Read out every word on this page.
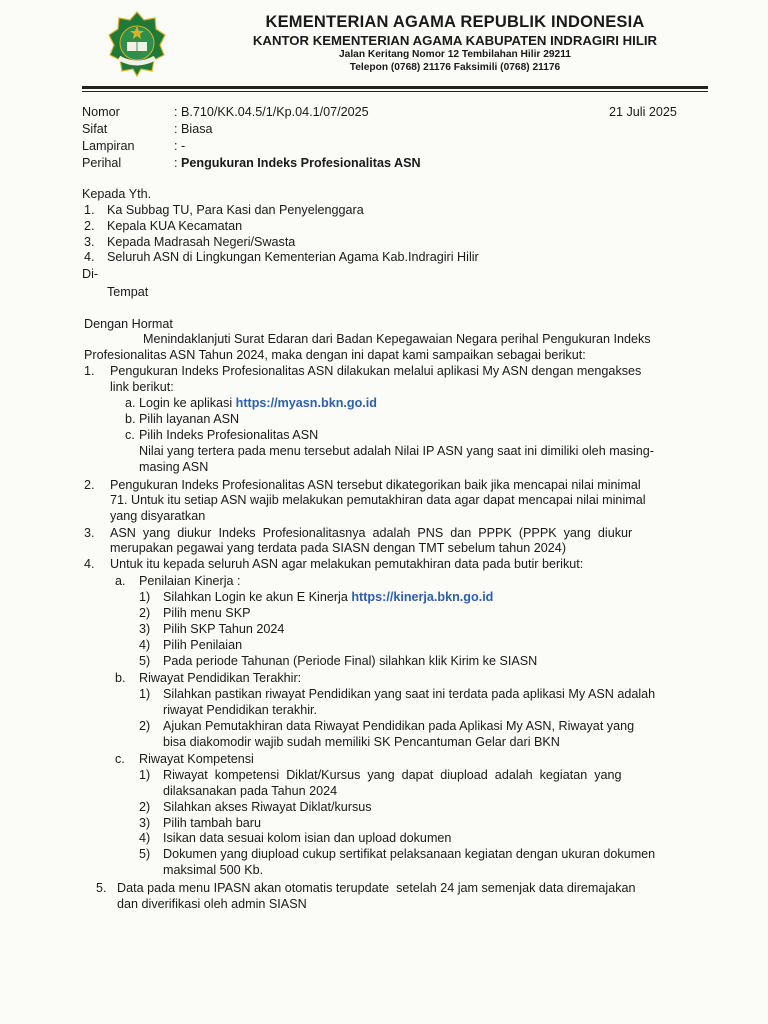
KEMENTERIAN AGAMA REPUBLIK INDONESIA
KANTOR KEMENTERIAN AGAMA KABUPATEN INDRAGIRI HILIR
Jalan Keritang Nomor 12 Tembilahan Hilir 29211
Telepon (0768) 21176 Faksimili (0768) 21176
Nomor	: B.710/KK.04.5/1/Kp.04.1/07/2025
Sifat	: Biasa
Lampiran	: -
Perihal	: Pengukuran Indeks Profesionalitas ASN
21 Juli 2025
Kepada Yth.
1. Ka Subbag TU, Para Kasi dan Penyelenggara
2. Kepala KUA Kecamatan
3. Kepada Madrasah Negeri/Swasta
4. Seluruh ASN di Lingkungan Kementerian Agama Kab.Indragiri Hilir
Di-
Tempat
Dengan Hormat
Menindaklanjuti Surat Edaran dari Badan Kepegawaian Negara perihal Pengukuran Indeks
Profesionalitas ASN Tahun 2024, maka dengan ini dapat kami sampaikan sebagai berikut:
1. Pengukuran Indeks Profesionalitas ASN dilakukan melalui aplikasi My ASN dengan mengakses
link berikut:
a. Login ke aplikasi https://myasn.bkn.go.id
b. Pilih layanan ASN
c. Pilih Indeks Profesionalitas ASN
Nilai yang tertera pada menu tersebut adalah Nilai IP ASN yang saat ini dimiliki oleh masing-
masing ASN
2. Pengukuran Indeks Profesionalitas ASN tersebut dikategorikan baik jika mencapai nilai minimal
71. Untuk itu setiap ASN wajib melakukan pemutakhiran data agar dapat mencapai nilai minimal
yang disyaratkan
3. ASN  yang  diukur  Indeks  Profesionalitasnya  adalah  PNS  dan  PPPK  (PPPK  yang  diukur
merupakan pegawai yang terdata pada SIASN dengan TMT sebelum tahun 2024)
4. Untuk itu kepada seluruh ASN agar melakukan pemutakhiran data pada butir berikut:
a. Penilaian Kinerja :
1) Silahkan Login ke akun E Kinerja https://kinerja.bkn.go.id
2) Pilih menu SKP
3) Pilih SKP Tahun 2024
4) Pilih Penilaian
5) Pada periode Tahunan (Periode Final) silahkan klik Kirim ke SIASN
b. Riwayat Pendidikan Terakhir:
1) Silahkan pastikan riwayat Pendidikan yang saat ini terdata pada aplikasi My ASN adalah
riwayat Pendidikan terakhir.
2) Ajukan Pemutakhiran data Riwayat Pendidikan pada Aplikasi My ASN, Riwayat yang
bisa diakomodir wajib sudah memiliki SK Pencantuman Gelar dari BKN
c. Riwayat Kompetensi
1) Riwayat  kompetensi  Diklat/Kursus  yang  dapat  diupload  adalah  kegiatan  yang
dilaksanakan pada Tahun 2024
2) Silahkan akses Riwayat Diklat/kursus
3) Pilih tambah baru
4) Isikan data sesuai kolom isian dan upload dokumen
5) Dokumen yang diupload cukup sertifikat pelaksanaan kegiatan dengan ukuran dokumen
maksimal 500 Kb.
5. Data pada menu IPASN akan otomatis terupdate  setelah 24 jam semenjak data diremajakan
dan diverifikasi oleh admin SIASN
